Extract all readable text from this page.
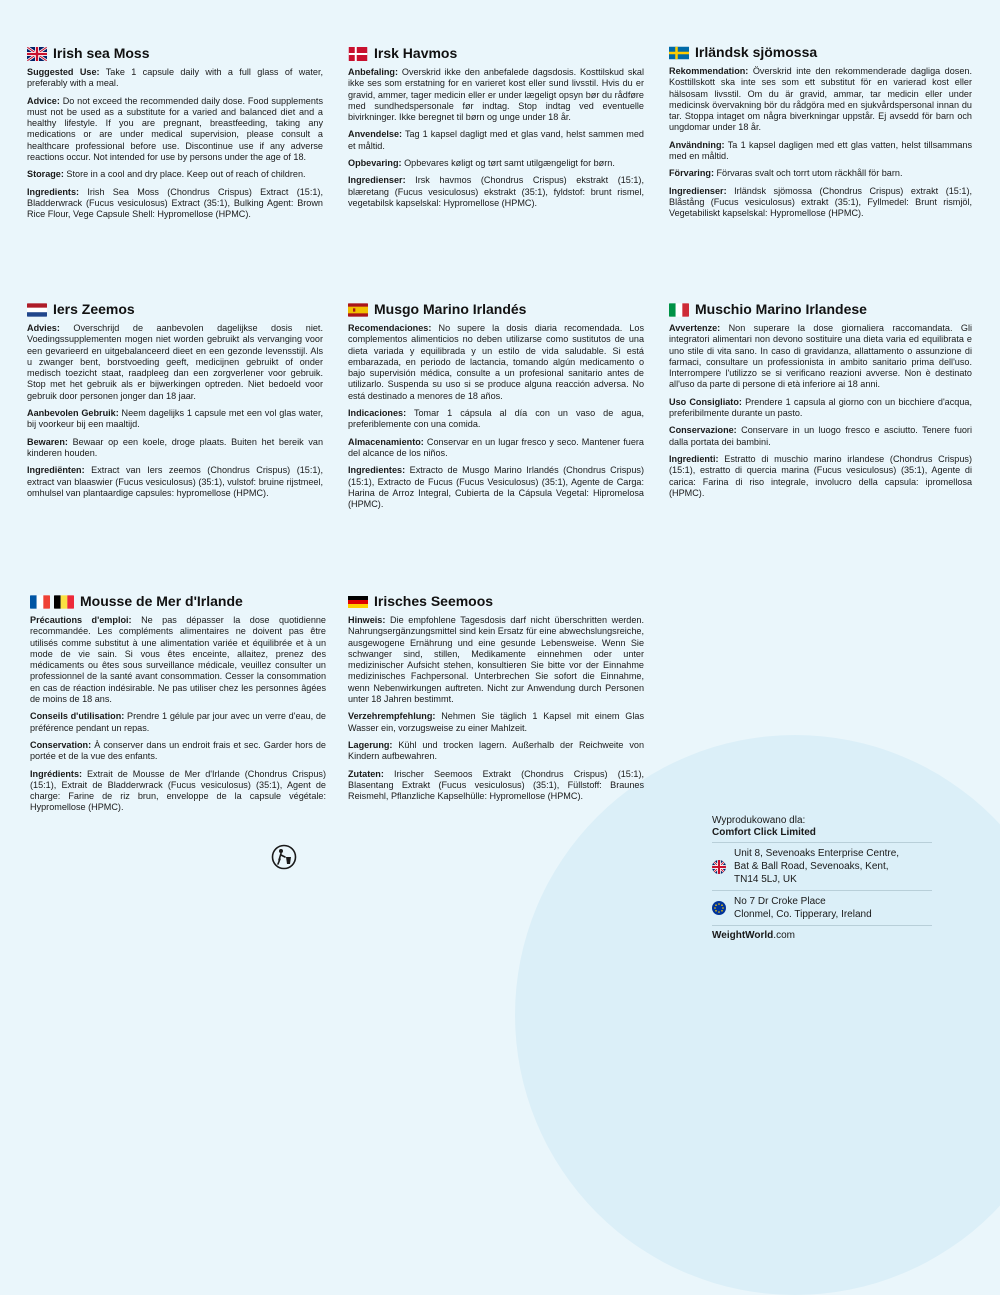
Irish sea Moss

Suggested Use: Take 1 capsule daily with a full glass of water, preferably with a meal.

Advice: Do not exceed the recommended daily dose. Food supplements must not be used as a substitute for a varied and balanced diet and a healthy lifestyle. If you are pregnant, breastfeeding, taking any medications or are under medical supervision, please consult a healthcare professional before use. Discontinue use if any adverse reactions occur. Not intended for use by persons under the age of 18.

Storage: Store in a cool and dry place. Keep out of reach of children.

Ingredients: Irish Sea Moss (Chondrus Crispus) Extract (15:1), Bladderwrack (Fucus vesiculosus) Extract (35:1), Bulking Agent: Brown Rice Flour, Vege Capsule Shell: Hypromellose (HPMC).

Irsk Havmos

Anbefaling: Overskrid ikke den anbefalede dagsdosis. Kosttilskud skal ikke ses som erstatning for en varieret kost eller sund livsstil. Hvis du er gravid, ammer, tager medicin eller er under lægeligt opsyn bør du rådføre med sundhedspersonale før indtag. Stop indtag ved eventuelle bivirkninger. Ikke beregnet til børn og unge under 18 år.

Anvendelse: Tag 1 kapsel dagligt med et glas vand, helst sammen med et måltid.

Opbevaring: Opbevares køligt og tørt samt utilgængeligt for børn.

Ingredienser: Irsk havmos (Chondrus Crispus) ekstrakt (15:1), blæretang (Fucus vesiculosus) ekstrakt (35:1), fyldstof: brunt rismel, vegetabilsk kapselskal: Hypromellose (HPMC).

Irländsk sjömossa

Rekommendation: Överskrid inte den rekommenderade dagliga dosen. Kosttillskott ska inte ses som ett substitut för en varierad kost eller hälsosam livsstil. Om du är gravid, ammar, tar medicin eller under medicinsk övervakning bör du rådgöra med en sjukvårdspersonal innan du tar. Stoppa intaget om några biverkningar uppstår. Ej avsedd för barn och ungdomar under 18 år.

Användning: Ta 1 kapsel dagligen med ett glas vatten, helst tillsammans med en måltid.

Förvaring: Förvaras svalt och torrt utom räckhåll för barn.

Ingredienser: Irländsk sjömossa (Chondrus Crispus) extrakt (15:1), Blåstång (Fucus vesiculosus) extrakt (35:1), Fyllmedel: Brunt rismjöl, Vegetabiliskt kapselskal: Hypromellose (HPMC).

Iers Zeemos

Advies: Overschrijd de aanbevolen dagelijkse dosis niet. Voedingssupplementen mogen niet worden gebruikt als vervanging voor een gevarieerd en uitgebalanceerd dieet en een gezonde levensstijl. Als u zwanger bent, borstvoeding geeft, medicijnen gebruikt of onder medisch toezicht staat, raadpleeg dan een zorgverlener voor gebruik. Stop met het gebruik als er bijwerkingen optreden. Niet bedoeld voor gebruik door personen jonger dan 18 jaar.

Aanbevolen Gebruik: Neem dagelijks 1 capsule met een vol glas water, bij voorkeur bij een maaltijd.

Bewaren: Bewaar op een koele, droge plaats. Buiten het bereik van kinderen houden.

Ingrediënten: Extract van Iers zeemos (Chondrus Crispus) (15:1), extract van blaaswier (Fucus vesiculosus) (35:1), vulstof: bruine rijstmeel, omhulsel van plantaardige capsules: hypromellose (HPMC).

Musgo Marino Irlandés

Recomendaciones: No supere la dosis diaria recomendada. Los complementos alimenticios no deben utilizarse como sustitutos de una dieta variada y equilibrada y un estilo de vida saludable. Si está embarazada, en periodo de lactancia, tomando algún medicamento o bajo supervisión médica, consulte a un profesional sanitario antes de utilizarlo. Suspenda su uso si se produce alguna reacción adversa. No está destinado a menores de 18 años.

Indicaciones: Tomar 1 cápsula al día con un vaso de agua, preferiblemente con una comida.

Almacenamiento: Conservar en un lugar fresco y seco. Mantener fuera del alcance de los niños.

Ingredientes: Extracto de Musgo Marino Irlandés (Chondrus Crispus) (15:1), Extracto de Fucus (Fucus Vesiculosus) (35:1), Agente de Carga: Harina de Arroz Integral, Cubierta de la Cápsula Vegetal: Hipromelosa (HPMC).

Muschio Marino Irlandese

Avvertenze: Non superare la dose giornaliera raccomandata. Gli integratori alimentari non devono sostituire una dieta varia ed equilibrata e uno stile di vita sano. In caso di gravidanza, allattamento o assunzione di farmaci, consultare un professionista in ambito sanitario prima dell'uso. Interrompere l'utilizzo se si verificano reazioni avverse. Non è destinato all'uso da parte di persone di età inferiore ai 18 anni.

Uso Consigliato: Prendere 1 capsula al giorno con un bicchiere d'acqua, preferibilmente durante un pasto.

Conservazione: Conservare in un luogo fresco e asciutto. Tenere fuori dalla portata dei bambini.

Ingredienti: Estratto di muschio marino irlandese (Chondrus Crispus) (15:1), estratto di quercia marina (Fucus vesiculosus) (35:1), Agente di carica: Farina di riso integrale, involucro della capsula: ipromellosa (HPMC).

Mousse de Mer d'Irlande

Précautions d'emploi: Ne pas dépasser la dose quotidienne recommandée. Les compléments alimentaires ne doivent pas être utilisés comme substitut à une alimentation variée et équilibrée et à un mode de vie sain. Si vous êtes enceinte, allaitez, prenez des médicaments ou êtes sous surveillance médicale, veuillez consulter un professionnel de la santé avant consommation. Cesser la consommation en cas de réaction indésirable. Ne pas utiliser chez les personnes âgées de moins de 18 ans.

Conseils d'utilisation: Prendre 1 gélule par jour avec un verre d'eau, de préférence pendant un repas.

Conservation: À conserver dans un endroit frais et sec. Garder hors de portée et de la vue des enfants.

Ingrédients: Extrait de Mousse de Mer d'Irlande (Chondrus Crispus) (15:1), Extrait de Bladderwrack (Fucus vesiculosus) (35:1), Agent de charge: Farine de riz brun, enveloppe de la capsule végétale: Hypromellose (HPMC).

Irisches Seemoos

Hinweis: Die empfohlene Tagesdosis darf nicht überschritten werden. Nahrungsergänzungsmittel sind kein Ersatz für eine abwechslungsreiche, ausgewogene Ernährung und eine gesunde Lebensweise. Wenn Sie schwanger sind, stillen, Medikamente einnehmen oder unter medizinischer Aufsicht stehen, konsultieren Sie bitte vor der Einnahme medizinisches Fachpersonal. Unterbrechen Sie sofort die Einnahme, wenn Nebenwirkungen auftreten. Nicht zur Anwendung durch Personen unter 18 Jahren bestimmt.

Verzehrempfehlung: Nehmen Sie täglich 1 Kapsel mit einem Glas Wasser ein, vorzugsweise zu einer Mahlzeit.

Lagerung: Kühl und trocken lagern. Außerhalb der Reichweite von Kindern aufbewahren.

Zutaten: Irischer Seemoos Extrakt (Chondrus Crispus) (15:1), Blasentang Extrakt (Fucus vesiculosus) (35:1), Füllstoff: Braunes Reismehl, Pflanzliche Kapselhülle: Hypromellose (HPMC).

Wyprodukowano dla:
Comfort Click Limited
Unit 8, Sevenoaks Enterprise Centre,
Bat & Ball Road, Sevenoaks, Kent,
TN14 5LJ, UK
No 7 Dr Croke Place
Clonmel, Co. Tipperary, Ireland
WeightWorld.com
